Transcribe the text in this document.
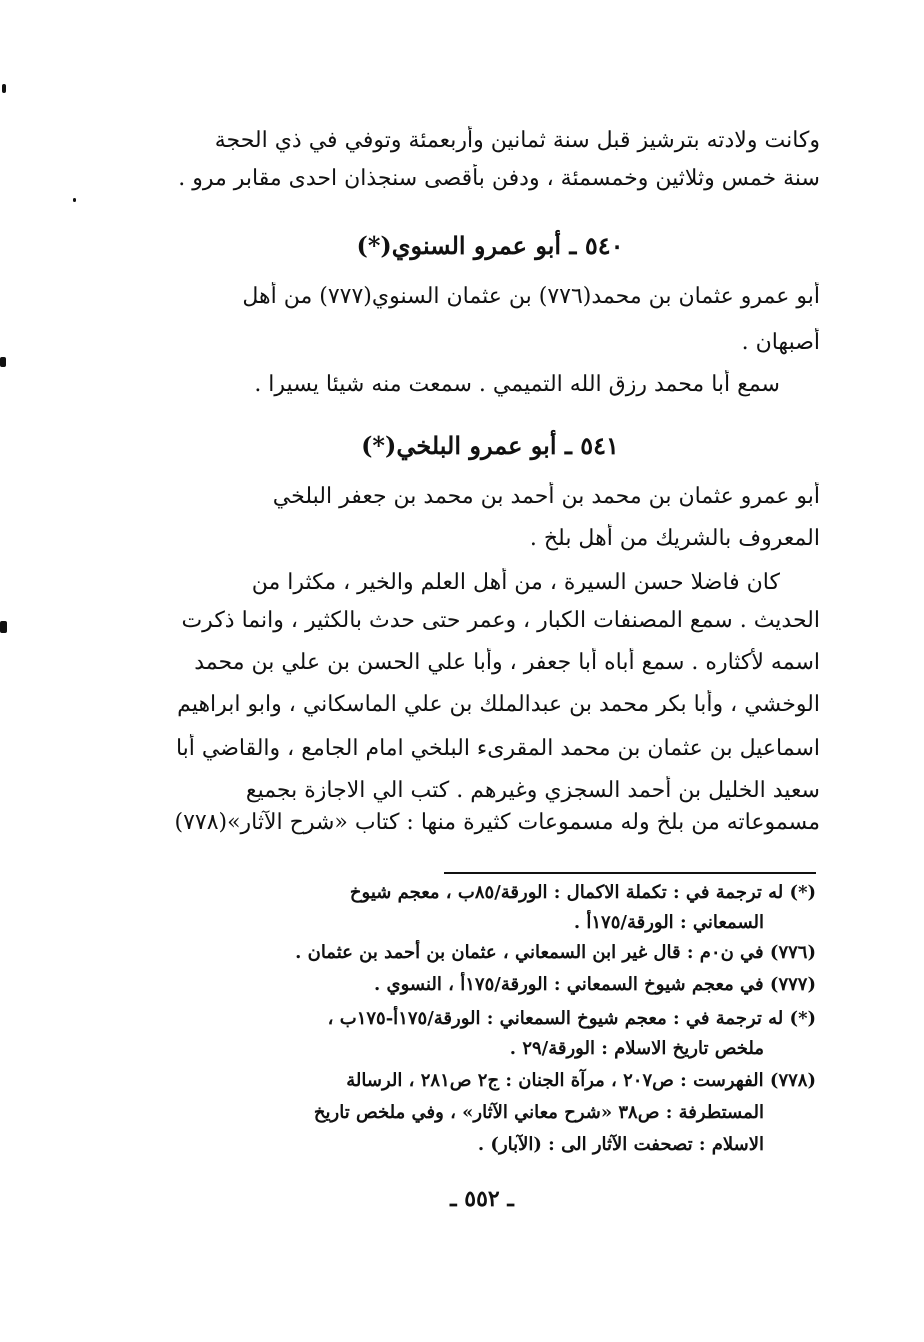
وكانت ولادته بترشيز قبل سنة ثمانين وأربعمئة وتوفي في ذي الحجة
سنة خمس وثلاثين وخمسمئة ، ودفن بأقصى سنجذان احدى مقابر مرو .
٥٤٠ ـ أبو عمرو السنوي(*)
أبو عمرو عثمان بن محمد(٧٧٦) بن عثمان السنوي(٧٧٧) من أهل
أصبهان .
سمع أبا محمد رزق الله التميمي . سمعت منه شيئا يسيرا .
٥٤١ ـ أبو عمرو البلخي(*)
أبو عمرو عثمان بن محمد بن أحمد بن محمد بن جعفر البلخي
المعروف بالشريك من أهل بلخ .
كان فاضلا حسن السيرة ، من أهل العلم والخير ، مكثرا من
الحديث . سمع المصنفات الكبار ، وعمر حتى حدث بالكثير ، وانما ذكرت
اسمه لأكثاره . سمع أباه أبا جعفر ، وأبا علي الحسن بن علي بن محمد
الوخشي ، وأبا بكر محمد بن عبدالملك بن علي الماسكاني ، وابو ابراهيم
اسماعيل بن عثمان بن محمد المقرىء البلخي امام الجامع ، والقاضي أبا
سعيد الخليل بن أحمد السجزي وغيرهم . كتب الي الاجازة بجميع
مسموعاته من بلخ وله مسموعات كثيرة منها : كتاب «شرح الآثار»(٧٧٨)
(*) له ترجمة في : تكملة الاكمال : الورقة/٨٥ب ، معجم شيوخ
السمعاني : الورقة/١٧٥أ .
(٧٧٦) في ن٠م : قال غير ابن السمعاني ، عثمان بن أحمد بن عثمان .
(٧٧٧) في معجم شيوخ السمعاني : الورقة/١٧٥أ ، النسوي .
(*) له ترجمة في : معجم شيوخ السمعاني : الورقة/١٧٥أ-١٧٥ب ،
ملخص تاريخ الاسلام : الورقة/٢٩ .
(٧٧٨) الفهرست : ص٢٠٧ ، مرآة الجنان : ج٢ ص٢٨١ ، الرسالة
المستطرفة : ص٣٨ «شرح معاني الآثار» ، وفي ملخص تاريخ
الاسلام : تصحفت الآثار الى : (الآبار) .
ـ ٥٥٢ ـ
